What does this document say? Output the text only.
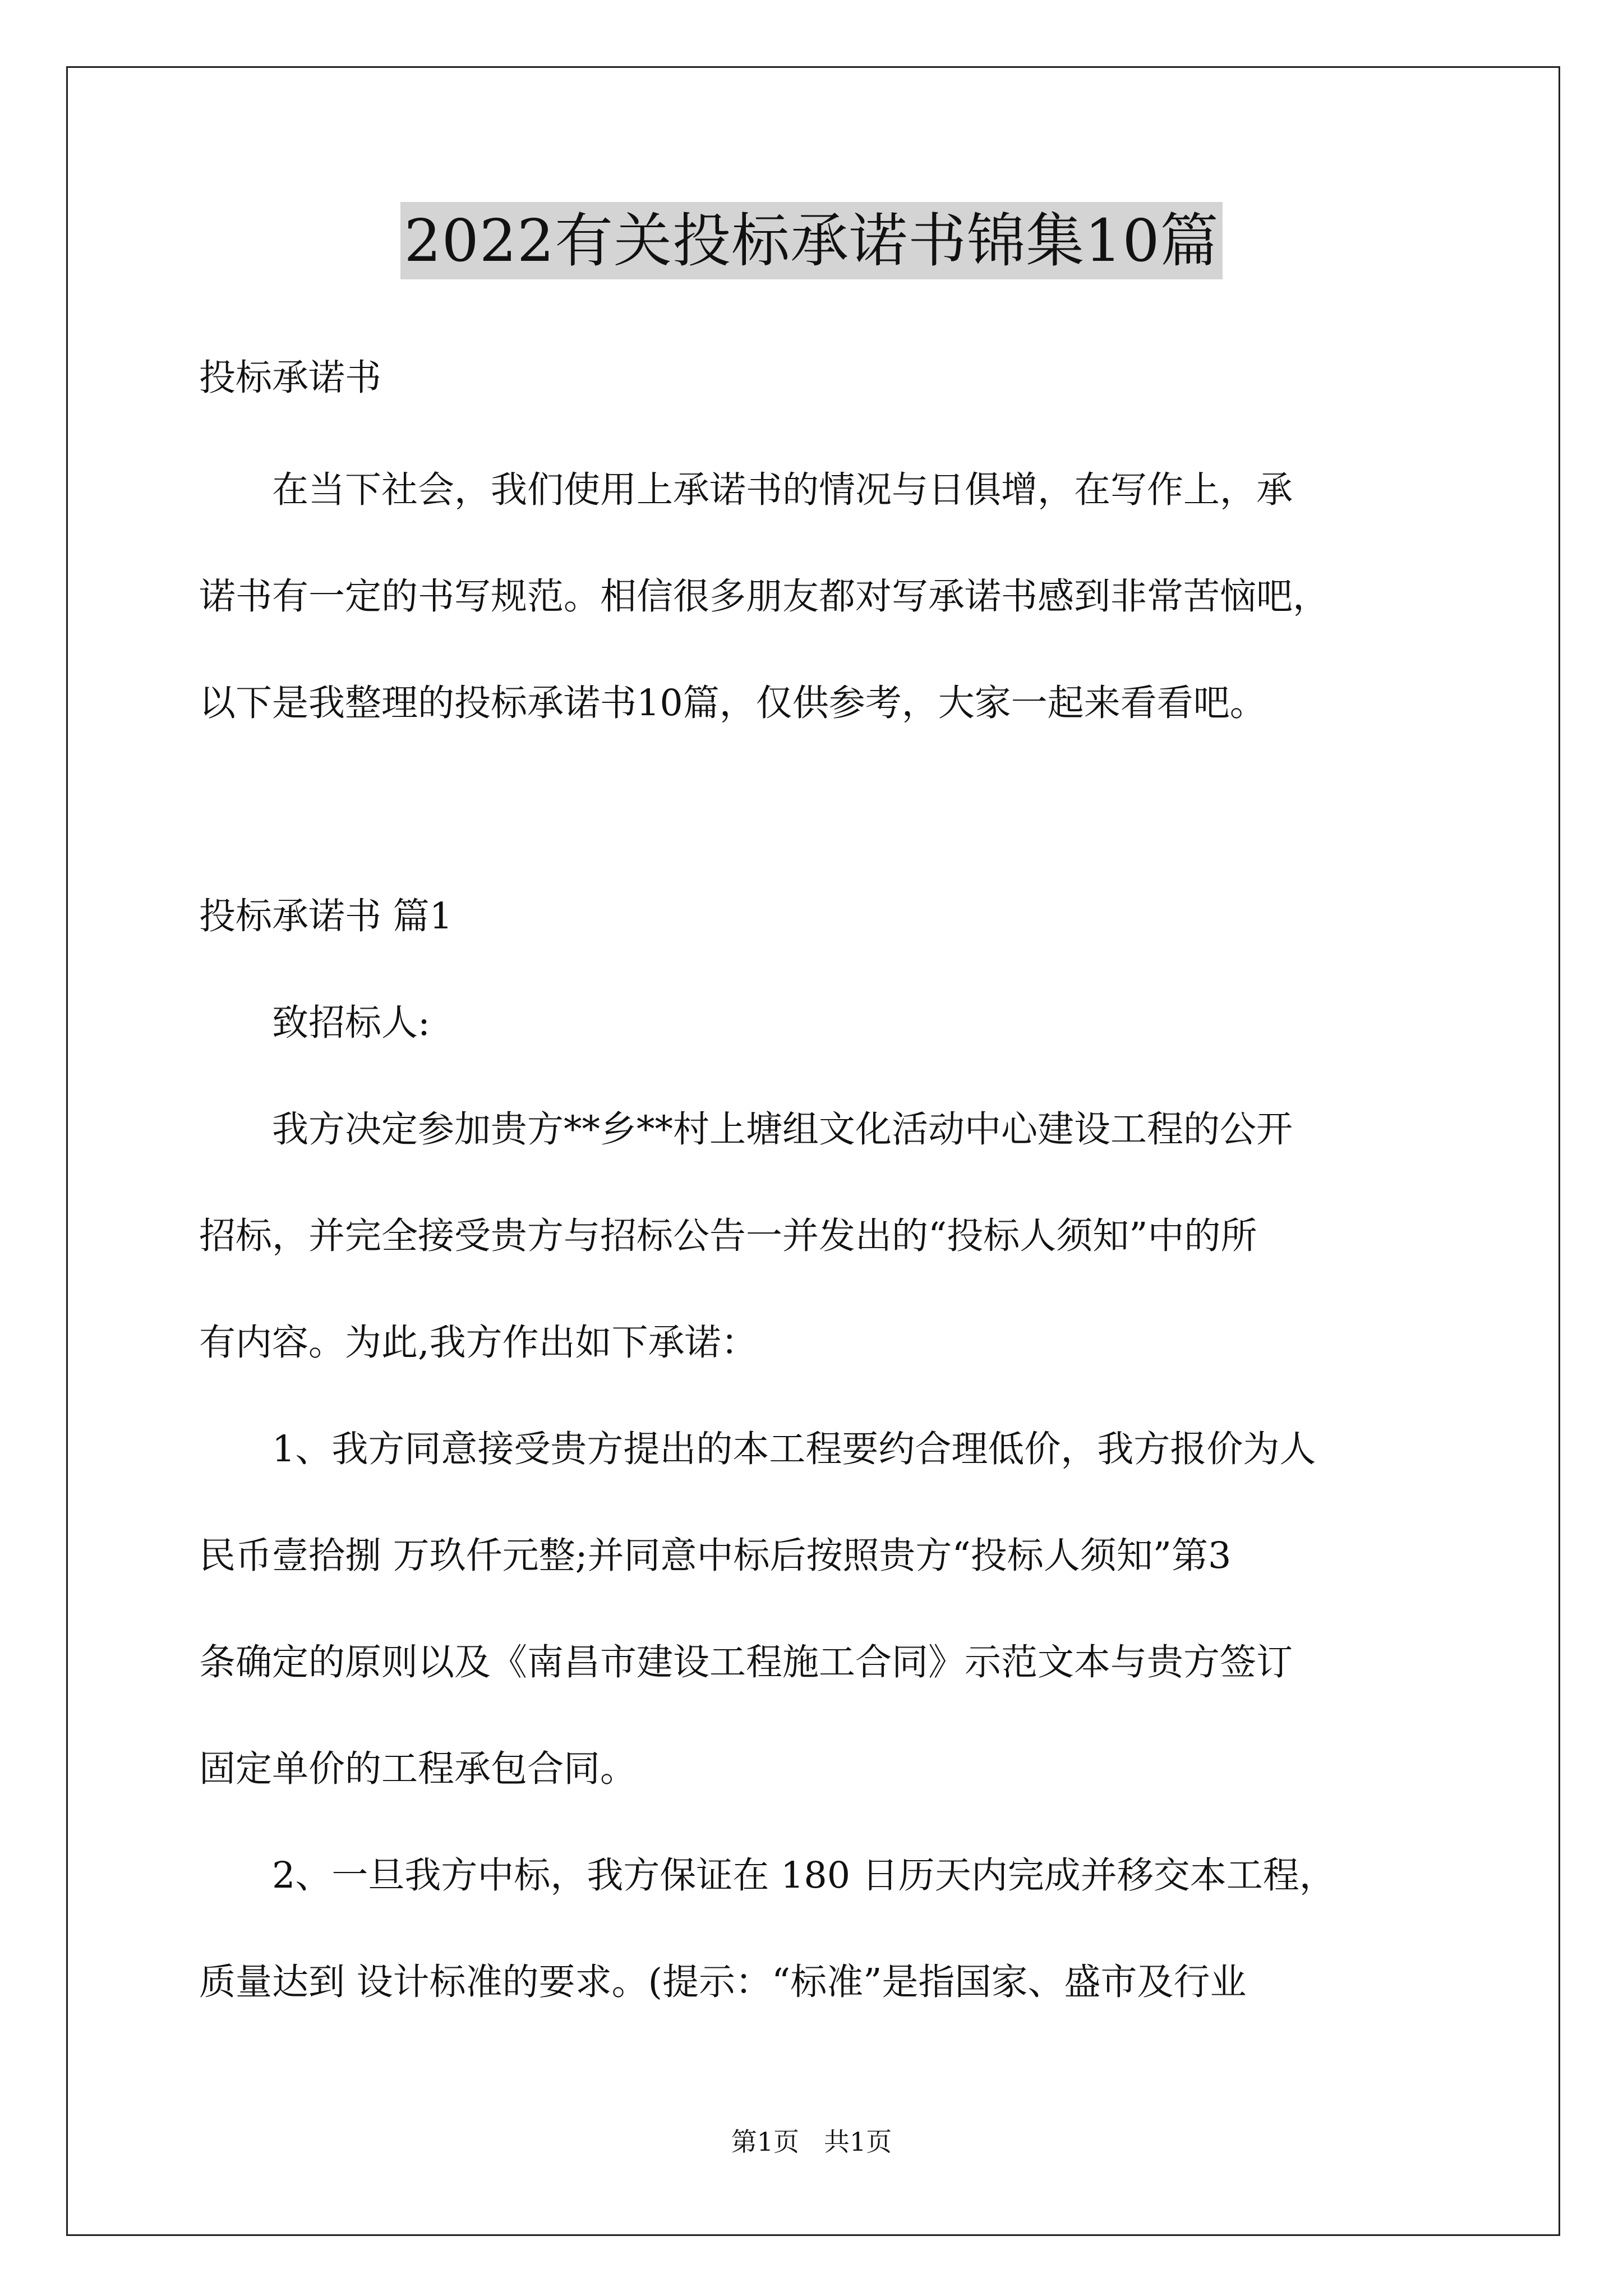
2022有关投标承诺书锦集10篇
投标承诺书
　　在当下社会，我们使用上承诺书的情况与日俱增，在写作上，承
诺书有一定的书写规范。相信很多朋友都对写承诺书感到非常苦恼吧，
以下是我整理的投标承诺书10篇，仅供参考，大家一起来看看吧。
投标承诺书 篇1
　　致招标人:
　　我方决定参加贵方**乡**村上塘组文化活动中心建设工程的公开
招标，并完全接受贵方与招标公告一并发出的“投标人须知”中的所
有内容。为此,我方作出如下承诺：
　　1、我方同意接受贵方提出的本工程要约合理低价，我方报价为人
民币壹拾捌 万玖仟元整;并同意中标后按照贵方“投标人须知”第3
条确定的原则以及《南昌市建设工程施工合同》示范文本与贵方签订
固定单价的工程承包合同。
　　2、一旦我方中标，我方保证在 180 日历天内完成并移交本工程，
质量达到 设计标准的要求。(提示：“标准”是指国家、盛市及行业
第1页 共1页
